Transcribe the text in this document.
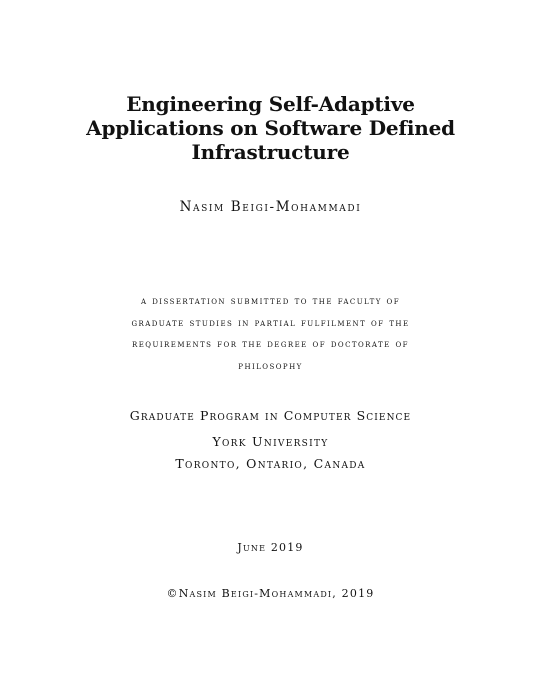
Engineering Self-Adaptive
Applications on Software Defined
Infrastructure
Nasim Beigi-Mohammadi
a dissertation submitted to the faculty of
graduate studies in partial fulfilment of the
requirements for the degree of doctorate of
philosophy
Graduate Program in Computer Science
York University
Toronto, Ontario, Canada
June 2019
©Nasim Beigi-Mohammadi, 2019
